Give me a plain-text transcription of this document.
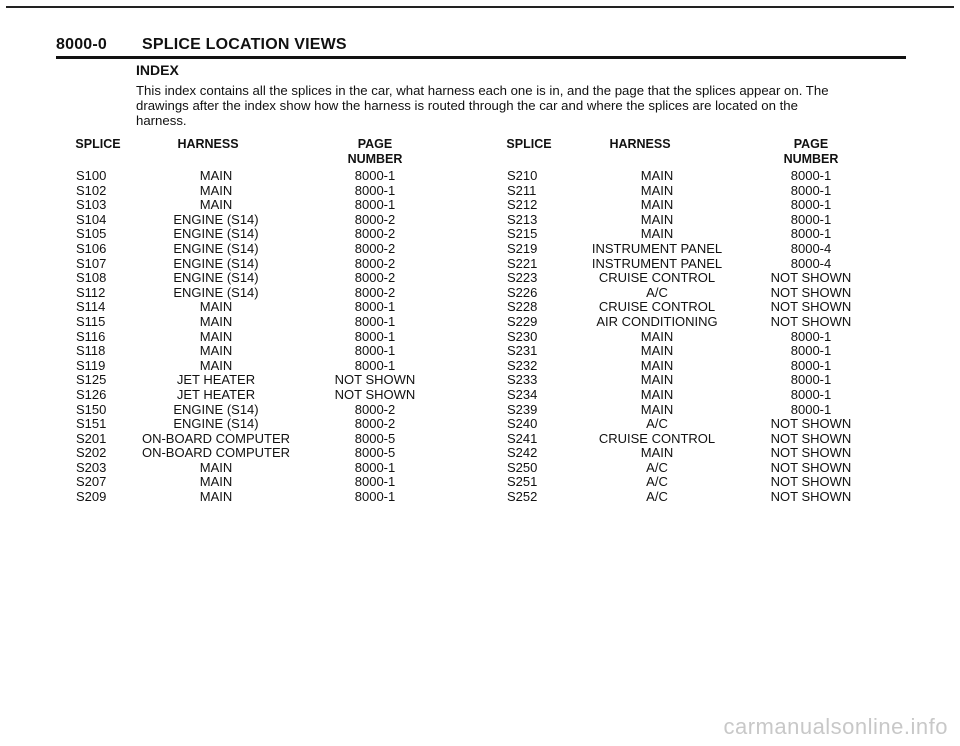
8000-0 SPLICE LOCATION VIEWS
INDEX
This index contains all the splices in the car, what harness each one is in, and the page that the splices appear on. The drawings after the index show how the harness is routed through the car and where the splices are located on the harness.
SPLICE	HARNESS	PAGE
NUMBER
SPLICE	HARNESS	PAGE
NUMBER
S100	MAIN	8000-1
S102	MAIN	8000-1
S103	MAIN	8000-1
S104	ENGINE (S14)	8000-2
S105	ENGINE (S14)	8000-2
S106	ENGINE (S14)	8000-2
S107	ENGINE (S14)	8000-2
S108	ENGINE (S14)	8000-2
S112	ENGINE (S14)	8000-2
S114	MAIN	8000-1
S115	MAIN	8000-1
S116	MAIN	8000-1
S118	MAIN	8000-1
S119	MAIN	8000-1
S125	JET HEATER	NOT SHOWN
S126	JET HEATER	NOT SHOWN
S150	ENGINE (S14)	8000-2
S151	ENGINE (S14)	8000-2
S201	ON-BOARD COMPUTER	8000-5
S202	ON-BOARD COMPUTER	8000-5
S203	MAIN	8000-1
S207	MAIN	8000-1
S209	MAIN	8000-1
S210	MAIN	8000-1
S211	MAIN	8000-1
S212	MAIN	8000-1
S213	MAIN	8000-1
S215	MAIN	8000-1
S219	INSTRUMENT PANEL	8000-4
S221	INSTRUMENT PANEL	8000-4
S223	CRUISE CONTROL	NOT SHOWN
S226	A/C	NOT SHOWN
S228	CRUISE CONTROL	NOT SHOWN
S229	AIR CONDITIONING	NOT SHOWN
S230	MAIN	8000-1
S231	MAIN	8000-1
S232	MAIN	8000-1
S233	MAIN	8000-1
S234	MAIN	8000-1
S239	MAIN	8000-1
S240	A/C	NOT SHOWN
S241	CRUISE CONTROL	NOT SHOWN
S242	MAIN	NOT SHOWN
S250	A/C	NOT SHOWN
S251	A/C	NOT SHOWN
S252	A/C	NOT SHOWN
carmanualsonline.info
